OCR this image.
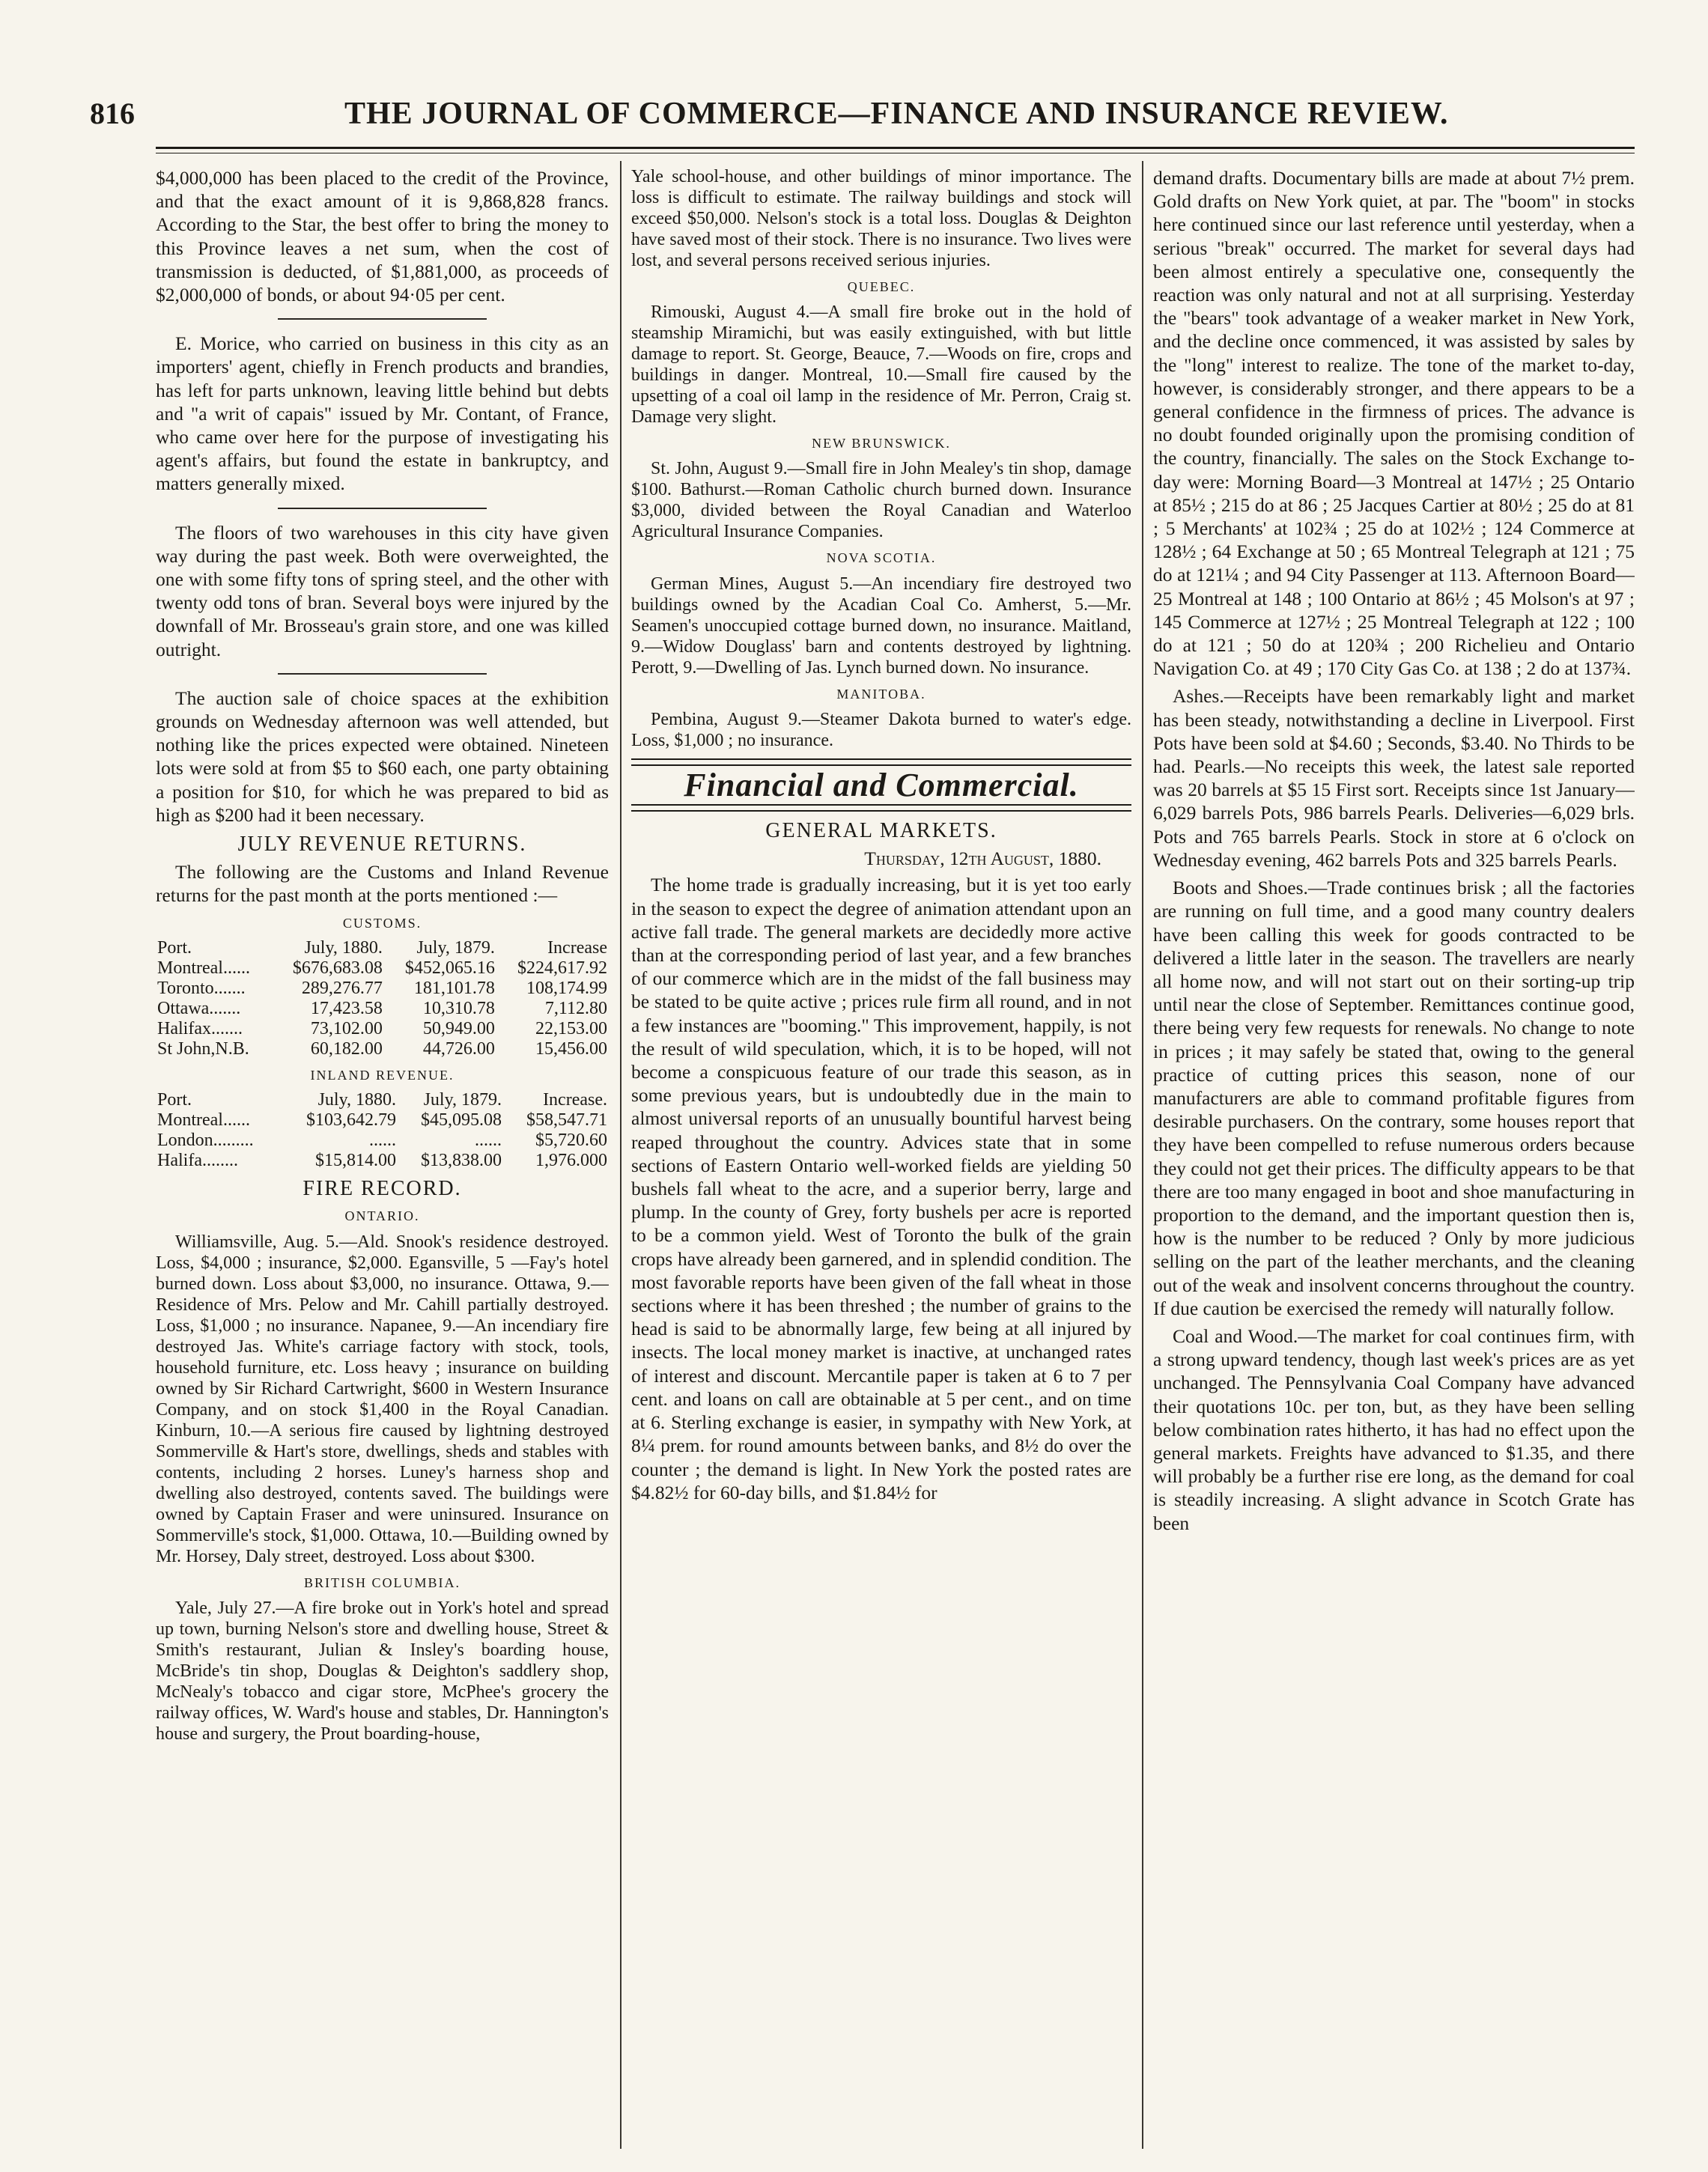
816	THE JOURNAL OF COMMERCE—FINANCE AND INSURANCE REVIEW.

$4,000,000 has been placed to the credit of the Province, and that the exact amount of it is 9,868,828 francs. According to the Star, the best offer to bring the money to this Province leaves a net sum, when the cost of transmission is deducted, of $1,881,000, as proceeds of $2,000,000 of bonds, or about 94·05 per cent.

E. Morice, who carried on business in this city as an importers' agent, chiefly in French products and brandies, has left for parts unknown, leaving little behind but debts and "a writ of capais" issued by Mr. Contant, of France, who came over here for the purpose of investigating his agent's affairs, but found the estate in bankruptcy, and matters generally mixed.

The floors of two warehouses in this city have given way during the past week. Both were overweighted, the one with some fifty tons of spring steel, and the other with twenty odd tons of bran. Several boys were injured by the downfall of Mr. Brosseau's grain store, and one was killed outright.

The auction sale of choice spaces at the exhibition grounds on Wednesday afternoon was well attended, but nothing like the prices expected were obtained. Nineteen lots were sold at from $5 to $60 each, one party obtaining a position for $10, for which he was prepared to bid as high as $200 had it been necessary.

JULY REVENUE RETURNS.

The following are the Customs and Inland Revenue returns for the past month at the ports mentioned :—

CUSTOMS.
Port.	July, 1880.	July, 1879.	Increase
Montreal......	$676,683.08	$452,065.16	$224,617.92
Toronto.......	289,276.77	181,101.78	108,174.99
Ottawa.......	17,423.58	10,310.78	7,112.80
Halifax.......	73,102.00	50,949.00	22,153.00
St John,N.B.	60,182.00	44,726.00	15,456.00
INLAND REVENUE.
Port.	July, 1880.	July, 1879.	Increase.
Montreal......	$103,642.79	$45,095.08	$58,547.71
London.........	......	......	$5,720.60
Halifa........	$15,814.00	$13,838.00	1,976.000
FIRE RECORD.
ONTARIO.

Williamsville, Aug. 5.—Ald. Snook's residence destroyed. Loss, $4,000 ; insurance, $2,000. Egansville, 5 —Fay's hotel burned down. Loss about $3,000, no insurance. Ottawa, 9.—Residence of Mrs. Pelow and Mr. Cahill partially destroyed. Loss, $1,000 ; no insurance. Napanee, 9.—An incendiary fire destroyed Jas. White's carriage factory with stock, tools, household furniture, etc. Loss heavy ; insurance on building owned by Sir Richard Cartwright, $600 in Western Insurance Company, and on stock $1,400 in the Royal Canadian. Kinburn, 10.—A serious fire caused by lightning destroyed Sommerville & Hart's store, dwellings, sheds and stables with contents, including 2 horses. Luney's harness shop and dwelling also destroyed, contents saved. The buildings were owned by Captain Fraser and were uninsured. Insurance on Sommerville's stock, $1,000. Ottawa, 10.—Building owned by Mr. Horsey, Daly street, destroyed. Loss about $300.

BRITISH COLUMBIA.

Yale, July 27.—A fire broke out in York's hotel and spread up town, burning Nelson's store and dwelling house, Street & Smith's restaurant, Julian & Insley's boarding house, McBride's tin shop, Douglas & Deighton's saddlery shop, McNealy's tobacco and cigar store, McPhee's grocery the railway offices, W. Ward's house and stables, Dr. Hannington's house and surgery, the Prout boarding-house,

Yale school-house, and other buildings of minor importance. The loss is difficult to estimate. The railway buildings and stock will exceed $50,000. Nelson's stock is a total loss. Douglas & Deighton have saved most of their stock. There is no insurance. Two lives were lost, and several persons received serious injuries.

QUEBEC.

Rimouski, August 4.—A small fire broke out in the hold of steamship Miramichi, but was easily extinguished, with but little damage to report. St. George, Beauce, 7.—Woods on fire, crops and buildings in danger. Montreal, 10.—Small fire caused by the upsetting of a coal oil lamp in the residence of Mr. Perron, Craig st. Damage very slight.

NEW BRUNSWICK.

St. John, August 9.—Small fire in John Mealey's tin shop, damage $100. Bathurst.—Roman Catholic church burned down. Insurance $3,000, divided between the Royal Canadian and Waterloo Agricultural Insurance Companies.

NOVA SCOTIA.

German Mines, August 5.—An incendiary fire destroyed two buildings owned by the Acadian Coal Co. Amherst, 5.—Mr. Seamen's unoccupied cottage burned down, no insurance. Maitland, 9.—Widow Douglass' barn and contents destroyed by lightning. Perott, 9.—Dwelling of Jas. Lynch burned down. No insurance.

MANITOBA.

Pembina, August 9.—Steamer Dakota burned to water's edge. Loss, $1,000 ; no insurance.

Financial and Commercial.
GENERAL MARKETS.
Thursday, 12th August, 1880.

The home trade is gradually increasing, but it is yet too early in the season to expect the degree of animation attendant upon an active fall trade. The general markets are decidedly more active than at the corresponding period of last year, and a few branches of our commerce which are in the midst of the fall business may be stated to be quite active ; prices rule firm all round, and in not a few instances are "booming." This improvement, happily, is not the result of wild speculation, which, it is to be hoped, will not become a conspicuous feature of our trade this season, as in some previous years, but is undoubtedly due in the main to almost universal reports of an unusually bountiful harvest being reaped throughout the country. Advices state that in some sections of Eastern Ontario well-worked fields are yielding 50 bushels fall wheat to the acre, and a superior berry, large and plump. In the county of Grey, forty bushels per acre is reported to be a common yield. West of Toronto the bulk of the grain crops have already been garnered, and in splendid condition. The most favorable reports have been given of the fall wheat in those sections where it has been threshed ; the number of grains to the head is said to be abnormally large, few being at all injured by insects. The local money market is inactive, at unchanged rates of interest and discount. Mercantile paper is taken at 6 to 7 per cent. and loans on call are obtainable at 5 per cent., and on time at 6. Sterling exchange is easier, in sympathy with New York, at 8¼ prem. for round amounts between banks, and 8½ do over the counter ; the demand is light. In New York the posted rates are $4.82½ for 60-day bills, and $1.84½ for

demand drafts. Documentary bills are made at about 7½ prem. Gold drafts on New York quiet, at par. The "boom" in stocks here continued since our last reference until yesterday, when a serious "break" occurred. The market for several days had been almost entirely a speculative one, consequently the reaction was only natural and not at all surprising. Yesterday the "bears" took advantage of a weaker market in New York, and the decline once commenced, it was assisted by sales by the "long" interest to realize. The tone of the market to-day, however, is considerably stronger, and there appears to be a general confidence in the firmness of prices. The advance is no doubt founded originally upon the promising condition of the country, financially. The sales on the Stock Exchange to-day were: Morning Board—3 Montreal at 147½ ; 25 Ontario at 85½ ; 215 do at 86 ; 25 Jacques Cartier at 80½ ; 25 do at 81 ; 5 Merchants' at 102¾ ; 25 do at 102½ ; 124 Commerce at 128½ ; 64 Exchange at 50 ; 65 Montreal Telegraph at 121 ; 75 do at 121¼ ; and 94 City Passenger at 113. Afternoon Board—25 Montreal at 148 ; 100 Ontario at 86½ ; 45 Molson's at 97 ; 145 Commerce at 127½ ; 25 Montreal Telegraph at 122 ; 100 do at 121 ; 50 do at 120¾ ; 200 Richelieu and Ontario Navigation Co. at 49 ; 170 City Gas Co. at 138 ; 2 do at 137¾.

Ashes.—Receipts have been remarkably light and market has been steady, notwithstanding a decline in Liverpool. First Pots have been sold at $4.60 ; Seconds, $3.40. No Thirds to be had. Pearls.—No receipts this week, the latest sale reported was 20 barrels at $5 15 First sort. Receipts since 1st January—6,029 barrels Pots, 986 barrels Pearls. Deliveries—6,029 brls. Pots and 765 barrels Pearls. Stock in store at 6 o'clock on Wednesday evening, 462 barrels Pots and 325 barrels Pearls.

Boots and Shoes.—Trade continues brisk ; all the factories are running on full time, and a good many country dealers have been calling this week for goods contracted to be delivered a little later in the season. The travellers are nearly all home now, and will not start out on their sorting-up trip until near the close of September. Remittances continue good, there being very few requests for renewals. No change to note in prices ; it may safely be stated that, owing to the general practice of cutting prices this season, none of our manufacturers are able to command profitable figures from desirable purchasers. On the contrary, some houses report that they have been compelled to refuse numerous orders because they could not get their prices. The difficulty appears to be that there are too many engaged in boot and shoe manufacturing in proportion to the demand, and the important question then is, how is the number to be reduced ? Only by more judicious selling on the part of the leather merchants, and the cleaning out of the weak and insolvent concerns throughout the country. If due caution be exercised the remedy will naturally follow.

Coal and Wood.—The market for coal continues firm, with a strong upward tendency, though last week's prices are as yet unchanged. The Pennsylvania Coal Company have advanced their quotations 10c. per ton, but, as they have been selling below combination rates hitherto, it has had no effect upon the general markets. Freights have advanced to $1.35, and there will probably be a further rise ere long, as the demand for coal is steadily increasing. A slight advance in Scotch Grate has been
